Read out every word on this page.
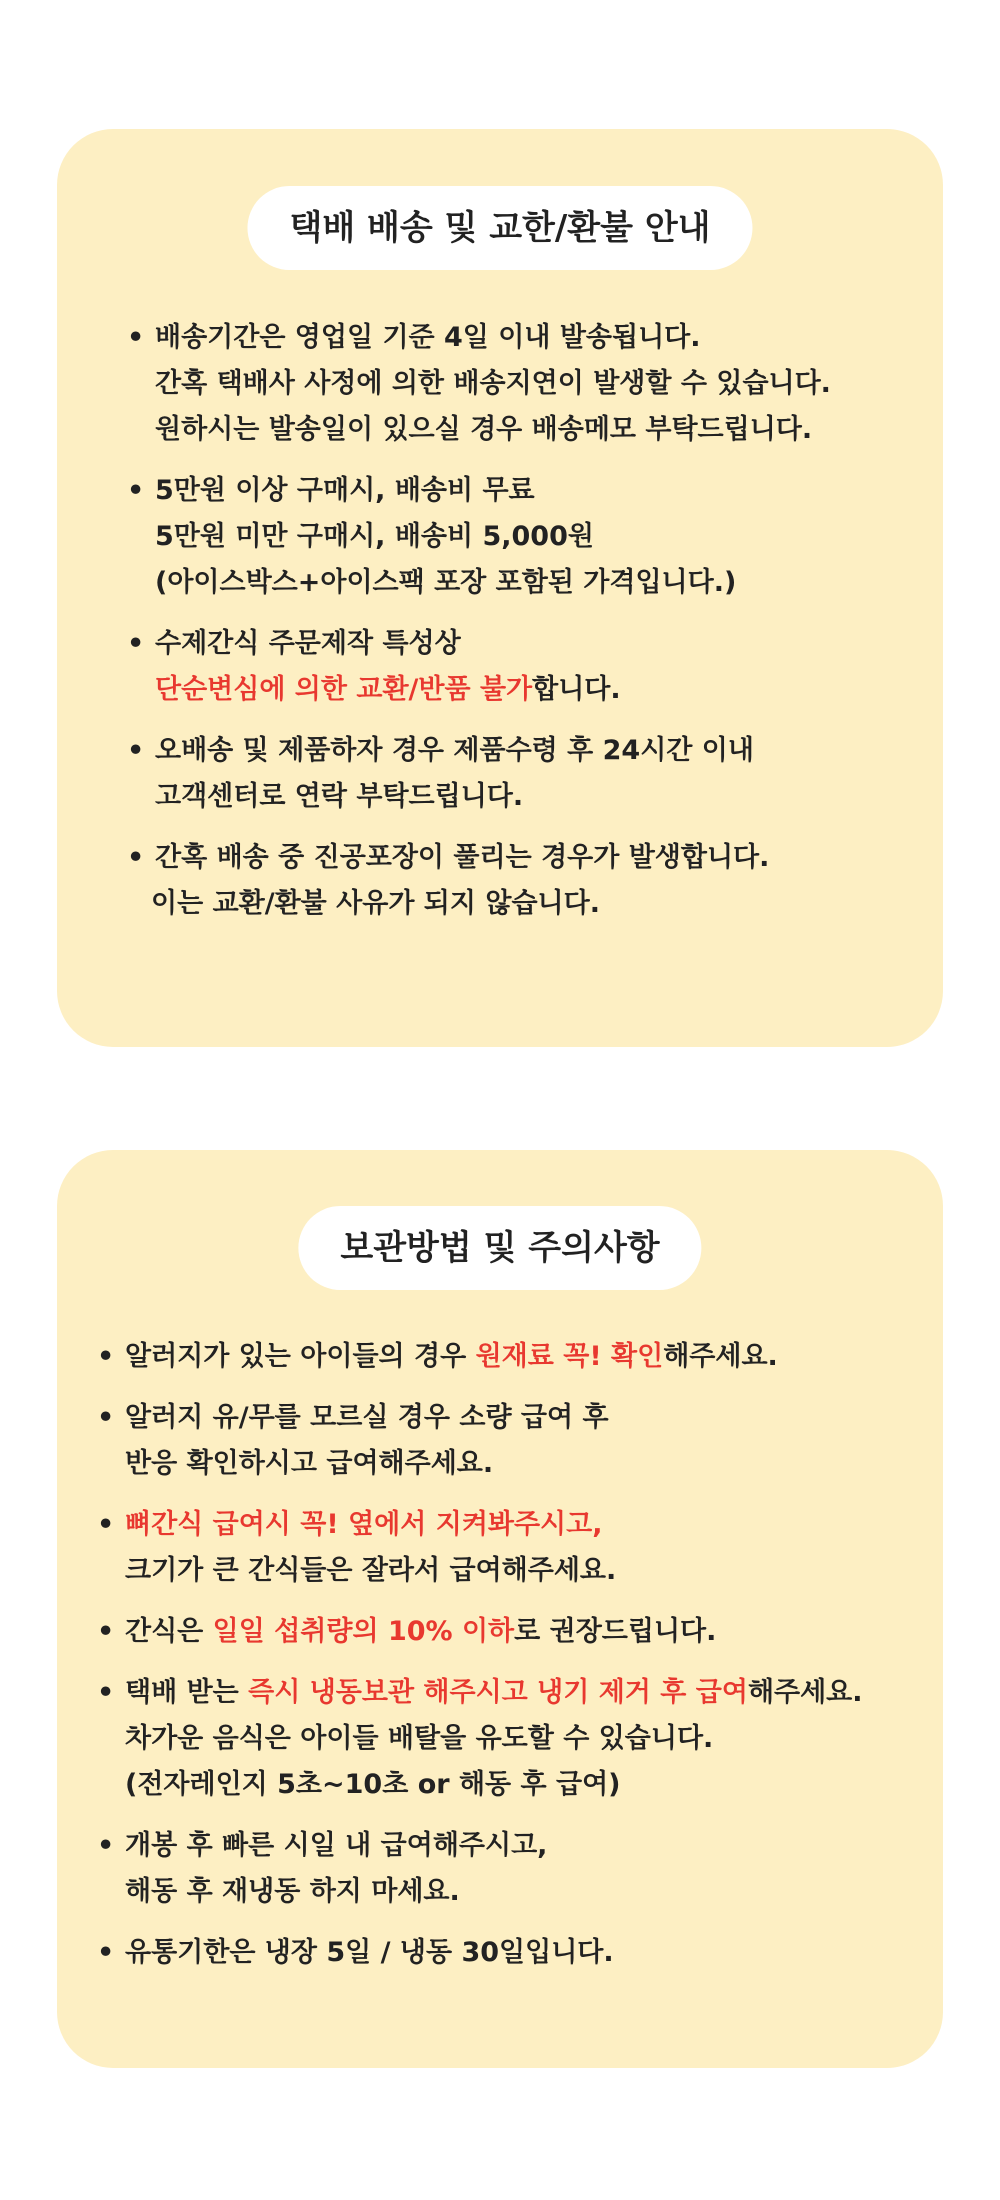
택배 배송 및 교한/환불 안내
• 배송기간은 영업일 기준 4일 이내 발송됩니다.
간혹 택배사 사정에 의한 배송지연이 발생할 수 있습니다.
원하시는 발송일이 있으실 경우 배송메모 부탁드립니다.
• 5만원 이상 구매시, 배송비 무료
5만원 미만 구매시, 배송비 5,000원
(아이스박스+아이스팩 포장 포함된 가격입니다.)
• 수제간식 주문제작 특성상
단순변심에 의한 교환/반품 불가합니다.
• 오배송 및 제품하자 경우 제품수령 후 24시간 이내
고객센터로 연락 부탁드립니다.
• 간혹 배송 중 진공포장이 풀리는 경우가 발생합니다.
이는 교환/환불 사유가 되지 않습니다.
보관방법 및 주의사항
• 알러지가 있는 아이들의 경우 원재료 꼭! 확인해주세요.
• 알러지 유/무를 모르실 경우 소량 급여 후
반응 확인하시고 급여해주세요.
• 뼈간식 급여시 꼭! 옆에서 지켜봐주시고,
크기가 큰 간식들은 잘라서 급여해주세요.
• 간식은 일일 섭취량의 10% 이하로 권장드립니다.
• 택배 받는 즉시 냉동보관 해주시고 냉기 제거 후 급여해주세요.
차가운 음식은 아이들 배탈을 유도할 수 있습니다.
(전자레인지 5초~10초 or 해동 후 급여)
• 개봉 후 빠른 시일 내 급여해주시고,
해동 후 재냉동 하지 마세요.
• 유통기한은 냉장 5일 / 냉동 30일입니다.
